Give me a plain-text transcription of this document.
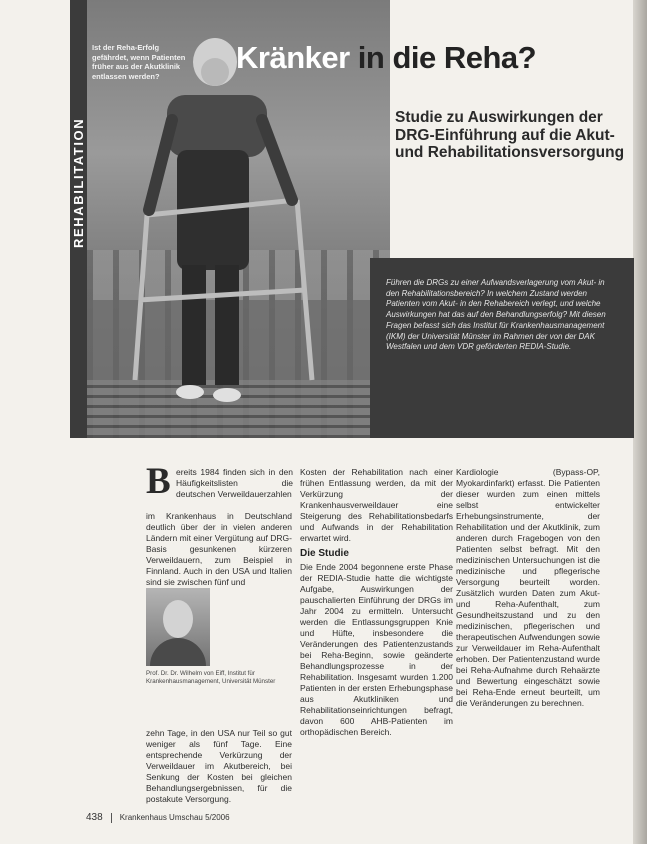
Ist der Reha-Erfolg gefährdet, wenn Patienten früher aus der Akutklinik entlassen werden?
Kränker in die Reha?
Studie zu Auswirkungen der DRG-Einführung auf die Akut- und Rehabilitationsversorgung
Führen die DRGs zu einer Aufwandsverlagerung vom Akut- in den Rehabilitationsbereich? In welchem Zustand werden Patienten vom Akut- in den Rehabereich verlegt, und welche Auswirkungen hat das auf den Behandlungserfolg? Mit diesen Fragen befasst sich das Institut für Krankenhausmanagement (IKM) der Universität Münster im Rahmen der von der DAK Westfalen und dem VDR geförderten REDIA-Studie.
B ereits 1984 finden sich in den Häufigkeitslisten die deutschen Verweildauerzahlen
im Krankenhaus in Deutschland deutlich über der in vielen anderen Ländern mit einer Vergütung auf DRG-Basis gesunkenen kürzeren Verweildauern, zum Beispiel in Finnland. Auch in den USA und Italien sind sie zwischen fünf und
Prof. Dr. Dr. Wilhelm von Eiff, Institut für Krankenhausmanagement, Universität Münster
zehn Tage, in den USA nur Teil so gut weniger als fünf Tage. Eine entsprechende Verkürzung der Verweildauer im Akutbereich, bei Senkung der Kosten bei gleichen Behandlungsergebnissen, für die postakute Versorgung.

Kosten der Rehabilitation nach einer frühen Entlassung werden, da mit der Verkürzung der Krankenhausverweildauer eine Steigerung des Rehabilitationsbedarfs und Aufwands in der Rehabilitation erwartet wird.

Die Studie

Die Ende 2004 begonnene erste Phase der REDIA-Studie hatte die wichtigste Aufgabe, Auswirkungen der pauschalierten Einführung der DRGs im Jahr 2004 zu ermitteln. Untersucht werden die Entlassungsgruppen Knie und Hüfte, insbesondere die Veränderungen des Patientenzustands bei Reha-Beginn, sowie geänderte Behandlungsprozesse in der Rehabilitation. Insgesamt wurden 1.200 Patienten in der ersten Erhebungsphase aus Akutkliniken und Rehabilitationseinrichtungen befragt, davon 600 AHB-Patienten im orthopädischen Bereich.

Kardiologie (Bypass-OP, Myokardinfarkt) erfasst. Die Patienten dieser wurden zum einen mittels selbst entwickelter Erhebungsinstrumente, der Rehabilitation und der Akutklinik, zum anderen durch Fragebogen von den Patienten selbst befragt. Mit den medizinischen Untersuchungen ist die medizinische und pflegerische Versorgung beurteilt worden. Zusätzlich wurden Daten zum Akut- und Reha-Aufenthalt, zum Gesundheitszustand und zu den medizinischen, pflegerischen und therapeutischen Aufwendungen sowie zur Verweildauer im Reha-Aufenthalt erhoben. Der Patientenzustand wurde bei Reha-Aufnahme durch Rehaärzte und Bewertung eingeschätzt sowie bei Reha-Ende erneut beurteilt, um die Veränderungen zu berechnen.
438 Krankenhaus Umschau 5/2006
